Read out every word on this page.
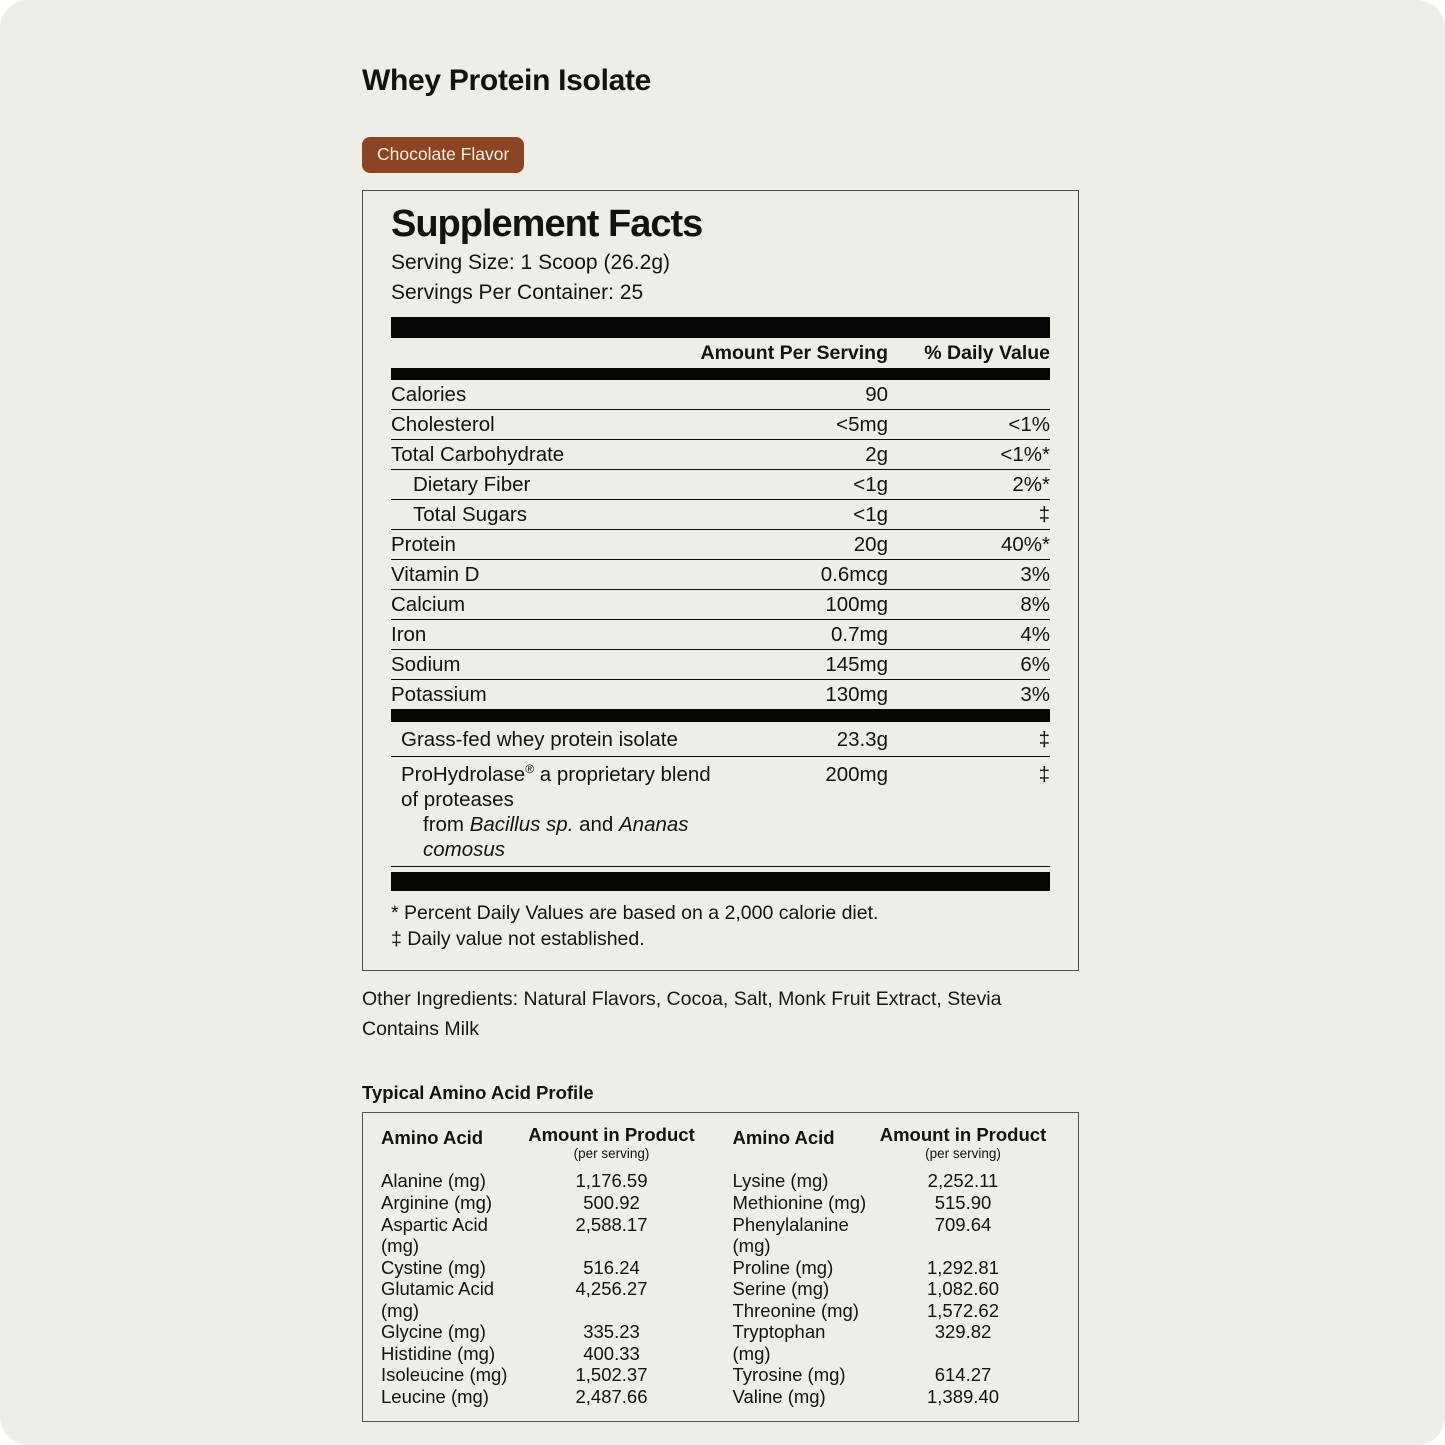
Whey Protein Isolate
Chocolate Flavor
Supplement Facts
Serving Size: 1 Scoop (26.2g)
Servings Per Container: 25
Amount Per Serving	% Daily Value
Calories	90
Cholesterol	<5mg	<1%
Total Carbohydrate	2g	<1%*
Dietary Fiber	<1g	2%*
Total Sugars	<1g	‡
Protein	20g	40%*
Vitamin D	0.6mcg	3%
Calcium	100mg	8%
Iron	0.7mg	4%
Sodium	145mg	6%
Potassium	130mg	3%
Grass-fed whey protein isolate	23.3g	‡
ProHydrolase® a proprietary blend of proteases
from Bacillus sp. and Ananas comosus
200mg	‡
* Percent Daily Values are based on a 2,000 calorie diet.
‡ Daily value not established.
Other Ingredients: Natural Flavors, Cocoa, Salt, Monk Fruit Extract, Stevia
Contains Milk
Typical Amino Acid Profile
Amino Acid	Amount in Product
(per serving)
Alanine (mg)	1,176.59
Arginine (mg)	500.92
Aspartic Acid (mg)
2,588.17
Cystine (mg)	516.24
Glutamic Acid (mg)
4,256.27
Glycine (mg)	335.23
Histidine (mg)	400.33
Isoleucine (mg)	1,502.37
Leucine (mg)	2,487.66
Amino Acid	Amount in Product
(per serving)
Lysine (mg)	2,252.11
Methionine (mg)	515.90
Phenylalanine (mg)
709.64
Proline (mg)	1,292.81
Serine (mg)	1,082.60
Threonine (mg)	1,572.62
Tryptophan (mg)
329.82
Tyrosine (mg)	614.27
Valine (mg)	1,389.40
